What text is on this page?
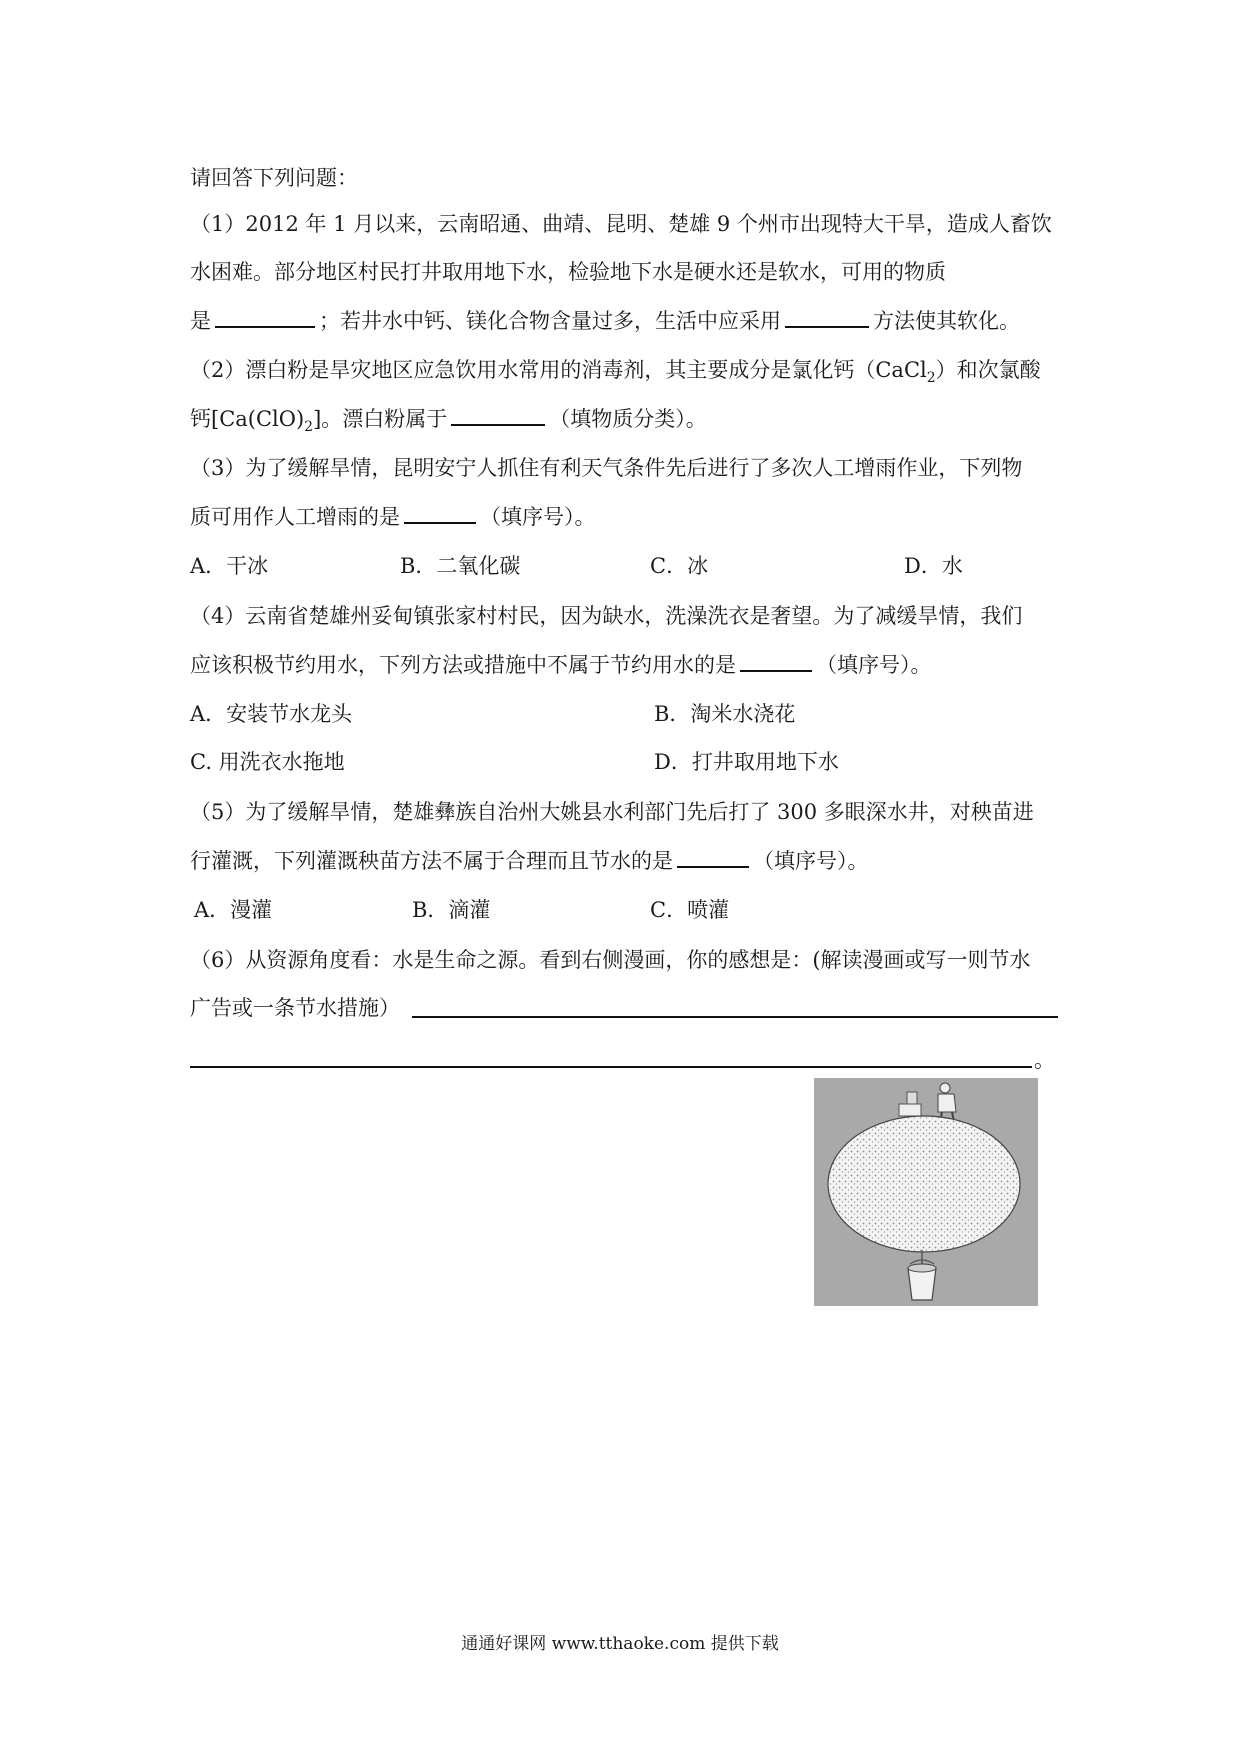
请回答下列问题：
（1）2012 年 1 月以来，云南昭通、曲靖、昆明、楚雄 9 个州市出现特大干旱，造成人畜饮
水困难。部分地区村民打井取用地下水，检验地下水是硬水还是软水，可用的物质
是	；若井水中钙、镁化合物含量过多，生活中应采用	方法使其软化。
（2）漂白粉是旱灾地区应急饮用水常用的消毒剂，其主要成分是氯化钙（CaCl$_2$）和次氯酸
钙$[Ca(ClO)_2]$。漂白粉属于	（填物质分类）。
（3）为了缓解旱情，昆明安宁人抓住有利天气条件先后进行了多次人工增雨作业，下列物
质可用作人工增雨的是	（填序号）。
A．干冰	B．二氧化碳	C．冰	D．水
（4）云南省楚雄州妥甸镇张家村村民，因为缺水，洗澡洗衣是奢望。为了减缓旱情，我们
应该积极节约用水，下列方法或措施中不属于节约用水的是	（填序号）。
A．安装节水龙头	B．淘米水浇花
C. 用洗衣水拖地	D．打井取用地下水
（5）为了缓解旱情，楚雄彝族自治州大姚县水利部门先后打了 300 多眼深水井，对秧苗进
行灌溉，下列灌溉秧苗方法不属于合理而且节水的是	（填序号）。
A．漫灌	B．滴灌	C．喷灌
（6）从资源角度看：水是生命之源。看到右侧漫画，你的感想是：(解读漫画或写一则节水
广告或一条节水措施）
。
通通好课网 www.tthaoke.com 提供下载
